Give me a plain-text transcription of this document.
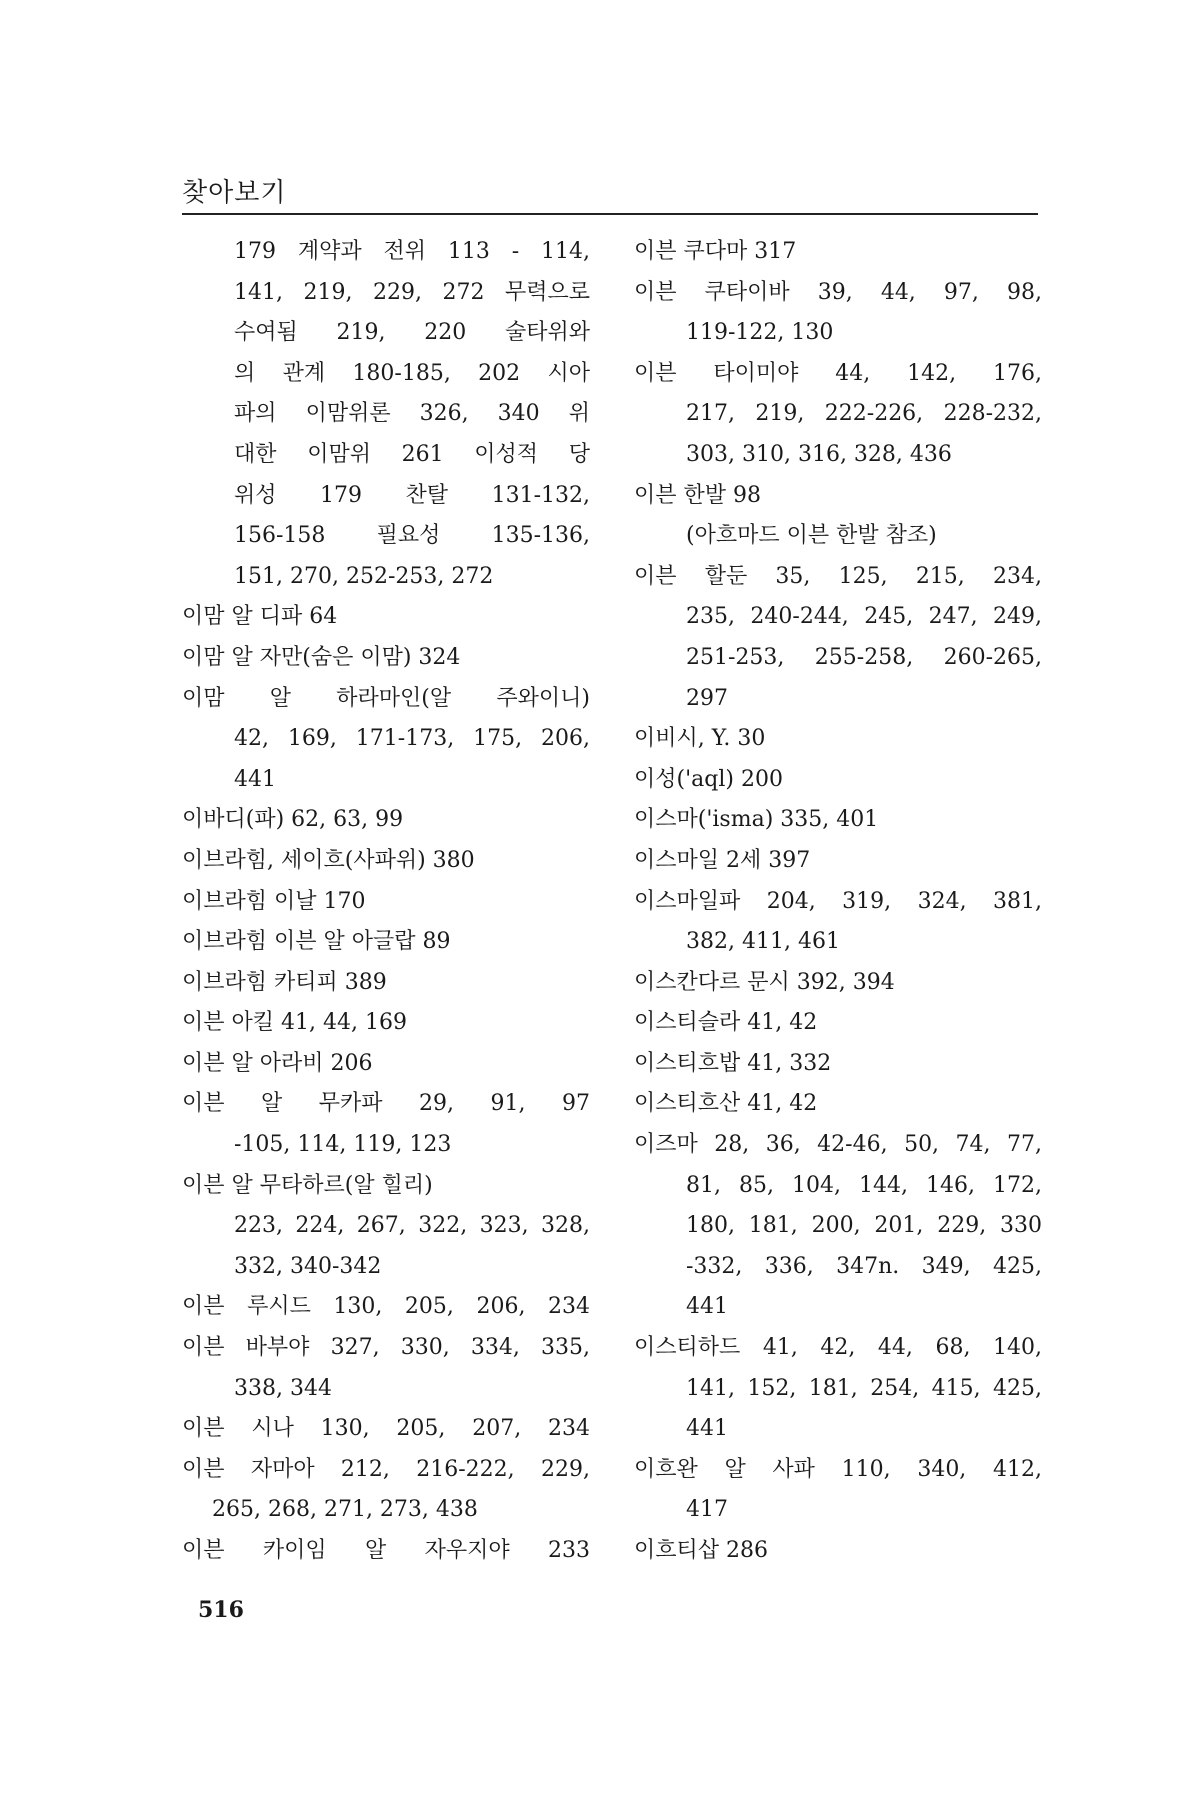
찾아보기
179 계약과 전위 113 - 114,
141, 219, 229, 272 무력으로
수여됨 219, 220 술타위와
의 관계 180-185, 202 시아
파의 이맘위론 326, 340 위
대한 이맘위 261 이성적 당
위성 179 찬탈 131-132,
156-158 필요성 135-136,
151, 270, 252-253, 272
이맘 알 디파 64
이맘 알 자만(숨은 이맘) 324
이맘 알 하라마인(알 주와이니)
42, 169, 171-173, 175, 206,
441
이바디(파) 62, 63, 99
이브라힘, 세이흐(사파위) 380
이브라힘 이날 170
이브라힘 이븐 알 아글랍 89
이브라힘 카티피 389
이븐 아킬 41, 44, 169
이븐 알 아라비 206
이븐 알 무카파 29, 91, 97
-105, 114, 119, 123
이븐 알 무타하르(알 힐리)
223, 224, 267, 322, 323, 328,
332, 340-342
이븐 루시드 130, 205, 206, 234
이븐 바부야 327, 330, 334, 335,
338, 344
이븐 시나 130, 205, 207, 234
이븐 자마아 212, 216-222, 229,
265, 268, 271, 273, 438
이븐 카이임 알 자우지야 233
이븐 쿠다마 317
이븐 쿠타이바 39, 44, 97, 98,
119-122, 130
이븐 타이미야 44, 142, 176,
217, 219, 222-226, 228-232,
303, 310, 316, 328, 436
이븐 한발 98
(아흐마드 이븐 한발 참조)
이븐 할둔 35, 125, 215, 234,
235, 240-244, 245, 247, 249,
251-253, 255-258, 260-265,
297
이비시, Y. 30
이성('aql) 200
이스마('isma) 335, 401
이스마일 2세 397
이스마일파 204, 319, 324, 381,
382, 411, 461
이스칸다르 문시 392, 394
이스티슬라 41, 42
이스티흐밥 41, 332
이스티흐산 41, 42
이즈마 28, 36, 42-46, 50, 74, 77,
81, 85, 104, 144, 146, 172,
180, 181, 200, 201, 229, 330
-332, 336, 347n. 349, 425,
441
이스티하드 41, 42, 44, 68, 140,
141, 152, 181, 254, 415, 425,
441
이흐완 알 사파 110, 340, 412,
417
이흐티삽 286
516
